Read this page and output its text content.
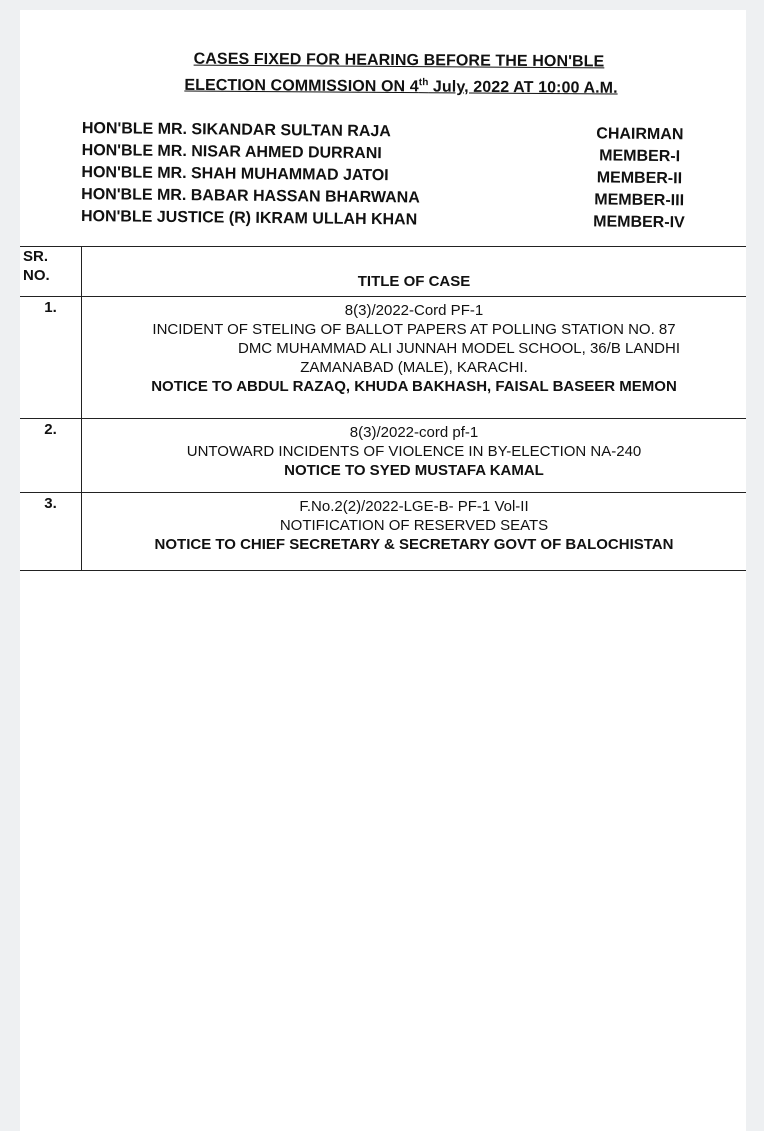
CASES FIXED FOR HEARING BEFORE THE HON'BLE
ELECTION COMMISSION ON 4th July, 2022 AT 10:00 A.M.
HON'BLE MR. SIKANDAR SULTAN RAJA	CHAIRMAN
HON'BLE MR. NISAR AHMED DURRANI	MEMBER-I
HON'BLE MR. SHAH MUHAMMAD JATOI	MEMBER-II
HON'BLE MR. BABAR HASSAN BHARWANA	MEMBER-III
HON'BLE JUSTICE (R) IKRAM ULLAH KHAN	MEMBER-IV
SR.
NO.	TITLE OF CASE

1.	8(3)/2022-Cord PF-1
INCIDENT OF STELING OF BALLOT PAPERS AT POLLING STATION NO. 87
DMC MUHAMMAD ALI JUNNAH MODEL SCHOOL, 36/B LANDHI
ZAMANABAD (MALE), KARACHI.
NOTICE TO ABDUL RAZAQ, KHUDA BAKHASH, FAISAL BASEER MEMON

2.	8(3)/2022-cord pf-1
UNTOWARD INCIDENTS OF VIOLENCE IN BY-ELECTION NA-240
NOTICE TO SYED MUSTAFA KAMAL

3.	F.No.2(2)/2022-LGE-B- PF-1 Vol-II
NOTIFICATION OF RESERVED SEATS
NOTICE TO CHIEF SECRETARY & SECRETARY GOVT OF BALOCHISTAN
